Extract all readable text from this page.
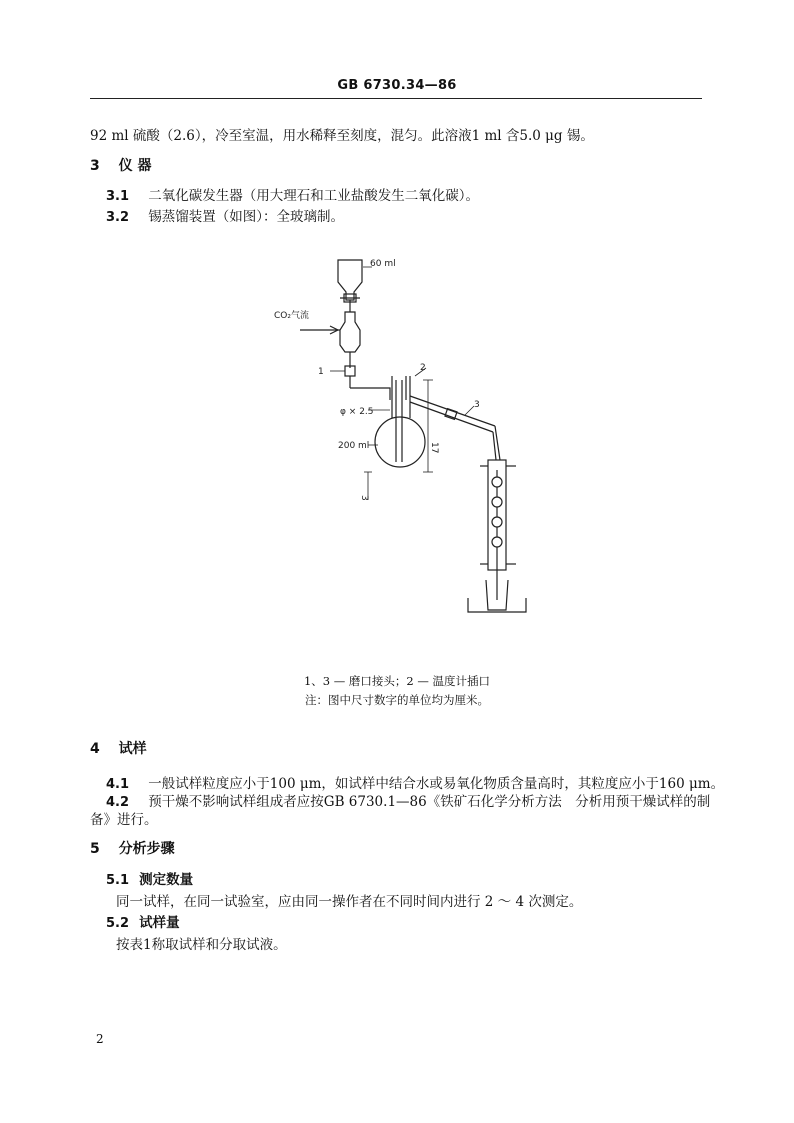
GB 6730.34—86
92 ml 硫酸（2.6），冷至室温，用水稀释至刻度，混匀。此溶液1 ml 含5.0 μg 锡。
3 仪 器
3.1 二氧化碳发生器（用大理石和工业盐酸发生二氧化碳）。
3.2 锡蒸馏装置（如图）：全玻璃制。
60 ml
CO₂气流
1	2
3
φ × 2.5
200 ml	17
3
1、3 — 磨口接头；2 — 温度计插口
注：图中尺寸数字的单位均为厘米。
4 试样
4.1 一般试样粒度应小于100 μm，如试样中结合水或易氧化物质含量高时，其粒度应小于160 μm。
4.2 预干燥不影响试样组成者应按GB 6730.1—86《铁矿石化学分析方法　分析用预干燥试样的制
备》进行。
5 分析步骤
5.1 测定数量
同一试样，在同一试验室，应由同一操作者在不同时间内进行 2 ～ 4 次测定。
5.2 试样量
按表1称取试样和分取试液。
2
